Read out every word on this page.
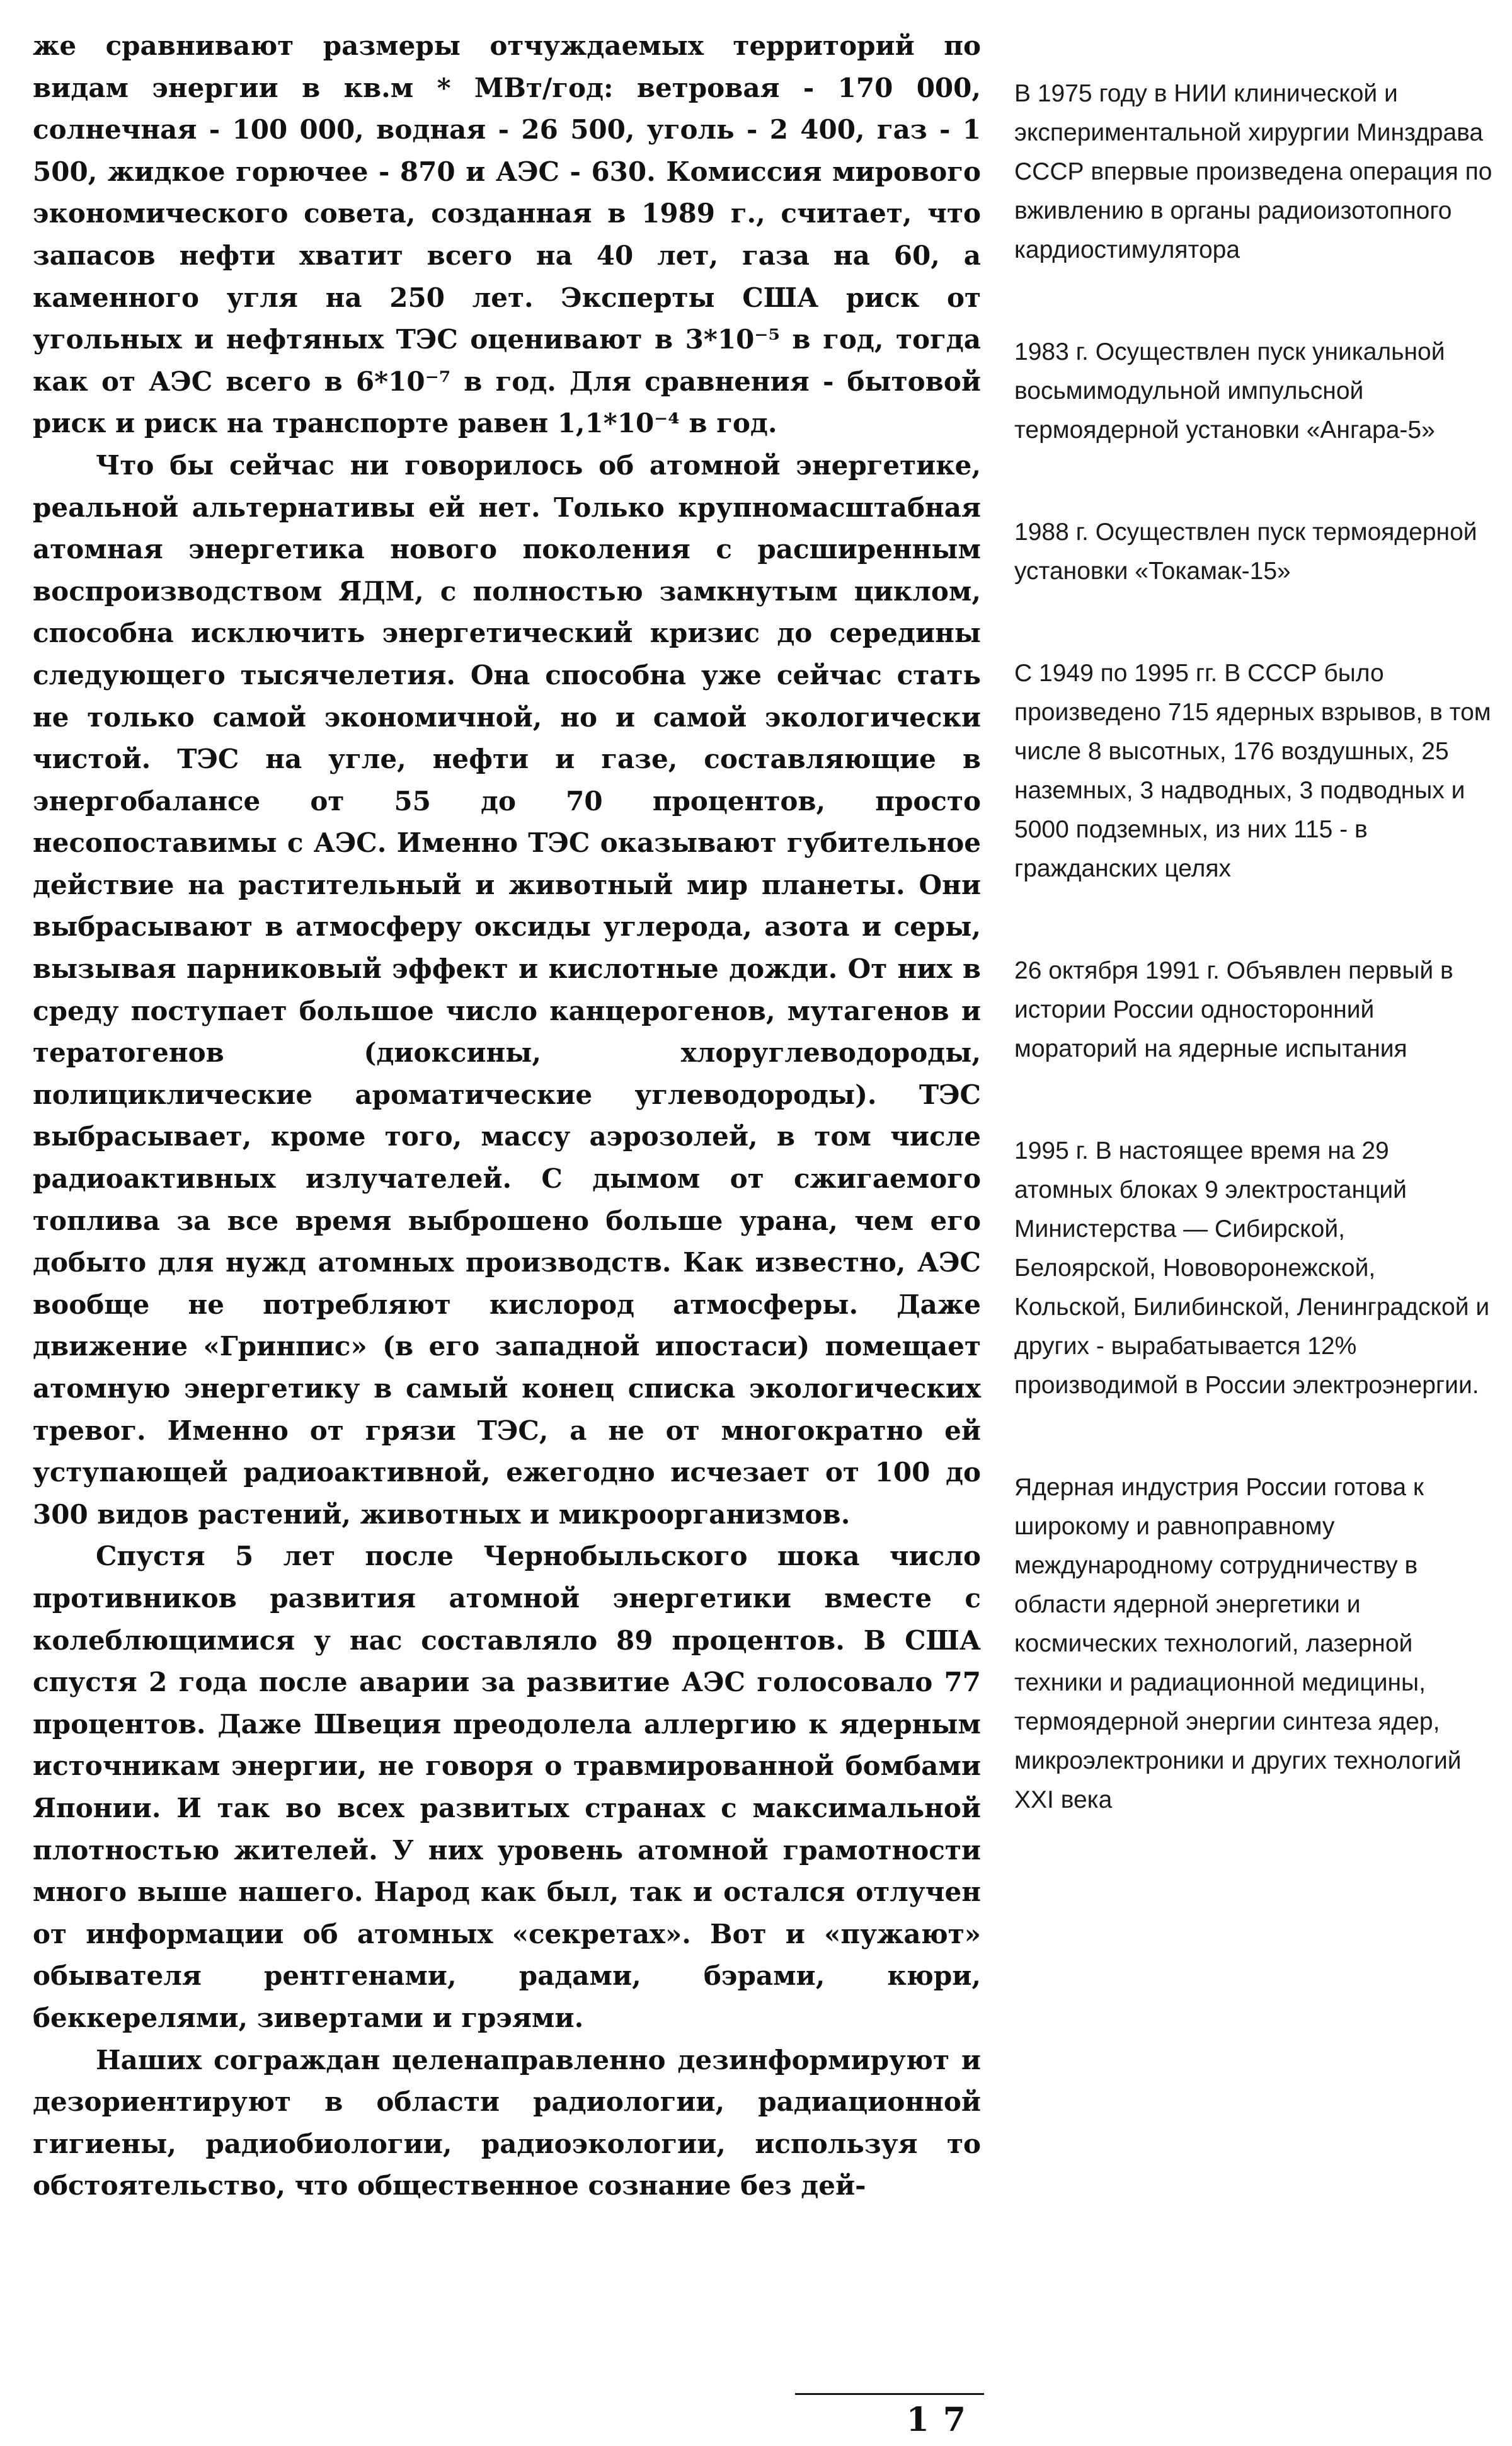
же сравнивают размеры отчуждаемых территорий по видам энергии в кв.м * МВт/год: ветровая - 170 000, солнечная - 100 000, водная - 26 500, уголь - 2 400, газ - 1 500, жидкое горючее - 870 и АЭС - 630. Комиссия мирового экономического совета, созданная в 1989 г., считает, что запасов нефти хватит всего на 40 лет, газа на 60, а каменного угля на 250 лет. Эксперты США риск от угольных и нефтяных ТЭС оценивают в 3*10⁻⁵ в год, тогда как от АЭС всего в 6*10⁻⁷ в год. Для сравнения - бытовой риск и риск на транспорте равен 1,1*10⁻⁴ в год.

Что бы сейчас ни говорилось об атомной энергетике, реальной альтернативы ей нет. Только крупномасштабная атомная энергетика нового поколения с расширенным воспроизводством ЯДМ, с полностью замкнутым циклом, способна исключить энергетический кризис до середины следующего тысячелетия. Она способна уже сейчас стать не только самой экономичной, но и самой экологически чистой. ТЭС на угле, нефти и газе, составляющие в энергобалансе от 55 до 70 процентов, просто несопоставимы с АЭС. Именно ТЭС оказывают губительное действие на растительный и животный мир планеты. Они выбрасывают в атмосферу оксиды углерода, азота и серы, вызывая парниковый эффект и кислотные дожди. От них в среду поступает большое число канцерогенов, мутагенов и тератогенов (диоксины, хлоруглеводороды, полициклические ароматические углеводороды). ТЭС выбрасывает, кроме того, массу аэрозолей, в том числе радиоактивных излучателей. С дымом от сжигаемого топлива за все время выброшено больше урана, чем его добыто для нужд атомных производств. Как известно, АЭС вообще не потребляют кислород атмосферы. Даже движение «Гринпис» (в его западной ипостаси) помещает атомную энергетику в самый конец списка экологических тревог. Именно от грязи ТЭС, а не от многократно ей уступающей радиоактивной, ежегодно исчезает от 100 до 300 видов растений, животных и микроорганизмов.

Спустя 5 лет после Чернобыльского шока число противников развития атомной энергетики вместе с колеблющимися у нас составляло 89 процентов. В США спустя 2 года после аварии за развитие АЭС голосовало 77 процентов. Даже Швеция преодолела аллергию к ядерным источникам энергии, не говоря о травмированной бомбами Японии. И так во всех развитых странах с максимальной плотностью жителей. У них уровень атомной грамотности много выше нашего. Народ как был, так и остался отлучен от информации об атомных «секретах». Вот и «пужают» обывателя рентгенами, радами, бэрами, кюри, беккерелями, зивертами и грэями.

Наших сограждан целенаправленно дезинформируют и дезориентируют в области радиологии, радиационной гигиены, радиобиологии, радиоэкологии, используя то обстоятельство, что общественное сознание без дей-

В 1975 году в НИИ клинической и экспериментальной хирургии Минздрава СССР впервые произведена операция по вживлению в органы радиоизотопного кардиостимулятора

1983 г. Осуществлен пуск уникальной восьмимодульной импульсной термоядерной установки «Ангара-5»

1988 г. Осуществлен пуск термоядерной установки «Токамак-15»

С 1949 по 1995 гг. В СССР было произведено 715 ядерных взрывов, в том числе 8 высотных, 176 воздушных, 25 наземных, 3 надводных, 3 подводных и 5000 подземных, из них 115 - в гражданских целях

26 октября 1991 г. Объявлен первый в истории России односторонний мораторий на ядерные испытания

1995 г. В настоящее время на 29 атомных блоках 9 электростанций Министерства — Сибирской, Белоярской, Нововоронежской, Кольской, Билибинской, Ленинградской и других - вырабатывается 12% производимой в России электроэнергии.

Ядерная индустрия России готова к широкому и равноправному международному сотрудничеству в области ядерной энергетики и космических технологий, лазерной техники и радиационной медицины, термоядерной энергии синтеза ядер, микроэлектроники и других технологий XXI века

17
